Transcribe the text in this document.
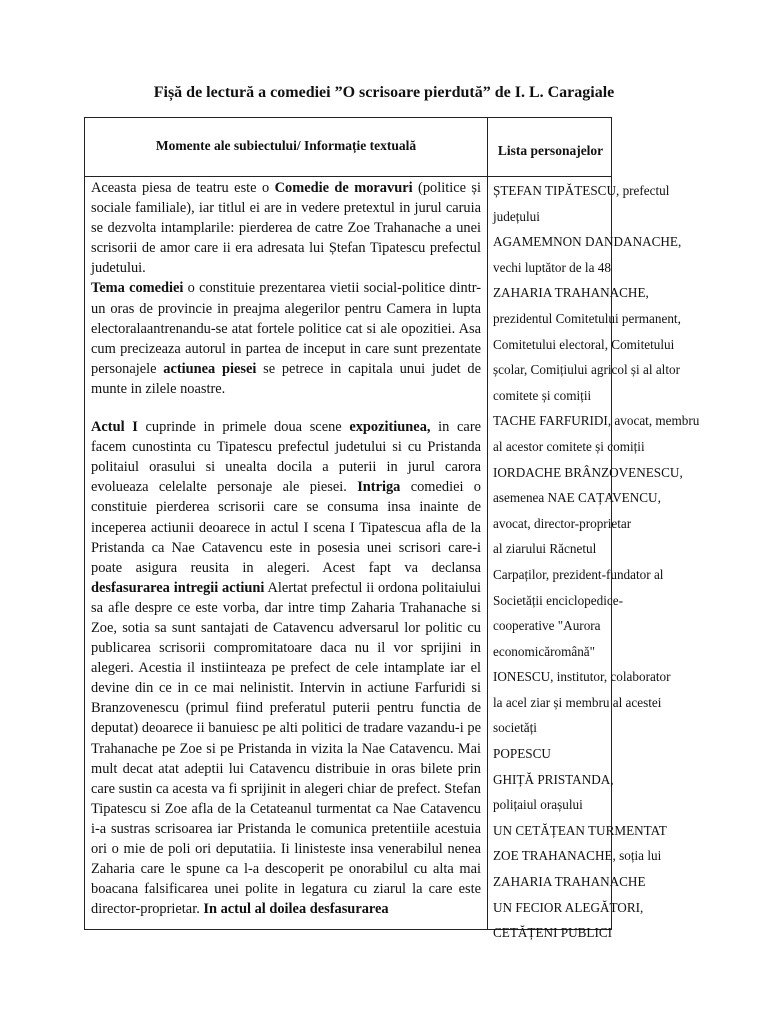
Fișă de lectură a comediei ”O scrisoare pierdută” de I. L. Caragiale
Momente ale subiectului/ Informație textuală	Lista personajelor

Aceasta piesa de teatru este o Comedie de moravuri (politice și sociale familiale), iar titlul ei are in vedere pretextul in jurul caruia se dezvolta intamplarile: pierderea de catre Zoe Trahanache a unei scrisorii de amor care ii era adresata lui Ștefan Tipatescu prefectul judetului.

Tema comediei o constituie prezentarea vietii social-politice dintr-un oras de provincie in preajma alegerilor pentru Camera in lupta electoralaantrenandu-se atat fortele politice cat si ale opozitiei. Asa cum precizeaza autorul in partea de inceput in care sunt prezentate personajele actiunea piesei se petrece in capitala unui judet de munte in zilele noastre.

Actul I cuprinde in primele doua scene expozitiunea, in care facem cunostinta cu Tipatescu prefectul judetului si cu Pristanda politaiul orasului si unealta docila a puterii in jurul carora evolueaza celelalte personaje ale piesei. Intriga comediei o constituie pierderea scrisorii care se consuma insa inainte de inceperea actiunii deoarece in actul I scena I Tipatescua afla de la Pristanda ca Nae Catavencu este in posesia unei scrisori care-i poate asigura reusita in alegeri. Acest fapt va declansa desfasurarea intregii actiuni Alertat prefectul ii ordona politaiului sa afle despre ce este vorba, dar intre timp Zaharia Trahanache si Zoe, sotia sa sunt santajati de Catavencu adversarul lor politic cu publicarea scrisorii compromitatoare daca nu il vor sprijini in alegeri. Acestia il instiinteaza pe prefect de cele intamplate iar el devine din ce in ce mai nelinistit. Intervin in actiune Farfuridi si Branzovenescu (primul fiind preferatul puterii pentru functia de deputat) deoarece ii banuiesc pe alti politici de tradare vazandu-i pe Trahanache pe Zoe si pe Pristanda in vizita la Nae Catavencu. Mai mult decat atat adeptii lui Catavencu distribuie in oras bilete prin care sustin ca acesta va fi sprijinit in alegeri chiar de prefect. Stefan Tipatescu si Zoe afla de la Cetateanul turmentat ca Nae Catavencu i-a sustras scrisoarea iar Pristanda le comunica pretentiile acestuia ori o mie de poli ori deputatiia. Ii linisteste insa venerabilul nenea Zaharia care le spune ca l-a descoperit pe onorabilul cu alta mai boacana falsificarea unei polite in legatura cu ziarul la care este director-proprietar. In actul al doilea desfasurarea

ȘTEFAN TIPĂTESCU, prefectul
județului
AGAMEMNON DANDANACHE,
vechi luptător de la 48
ZAHARIA TRAHANACHE,
prezidentul Comitetului permanent,
Comitetului electoral, Comitetului
școlar, Comițiului agricol și al altor
comitete și comiții
TACHE FARFURIDI, avocat, membru
al acestor comitete și comiții
IORDACHE BRÂNZOVENESCU,
asemenea NAE CAȚAVENCU,
avocat, director-proprietar
al ziarului Răcnetul
Carpaților, prezident-fundator al
Societății enciclopedice-
cooperative "Aurora
economicăromână"
IONESCU, institutor, colaborator
la acel ziar și membru al acestei
societăți
POPESCU
GHIȚĂ PRISTANDA,
polițaiul orașului
UN CETĂȚEAN TURMENTAT
ZOE TRAHANACHE, soția lui
ZAHARIA TRAHANACHE
UN FECIOR ALEGĂTORI,
CETĂȚENI PUBLICI
